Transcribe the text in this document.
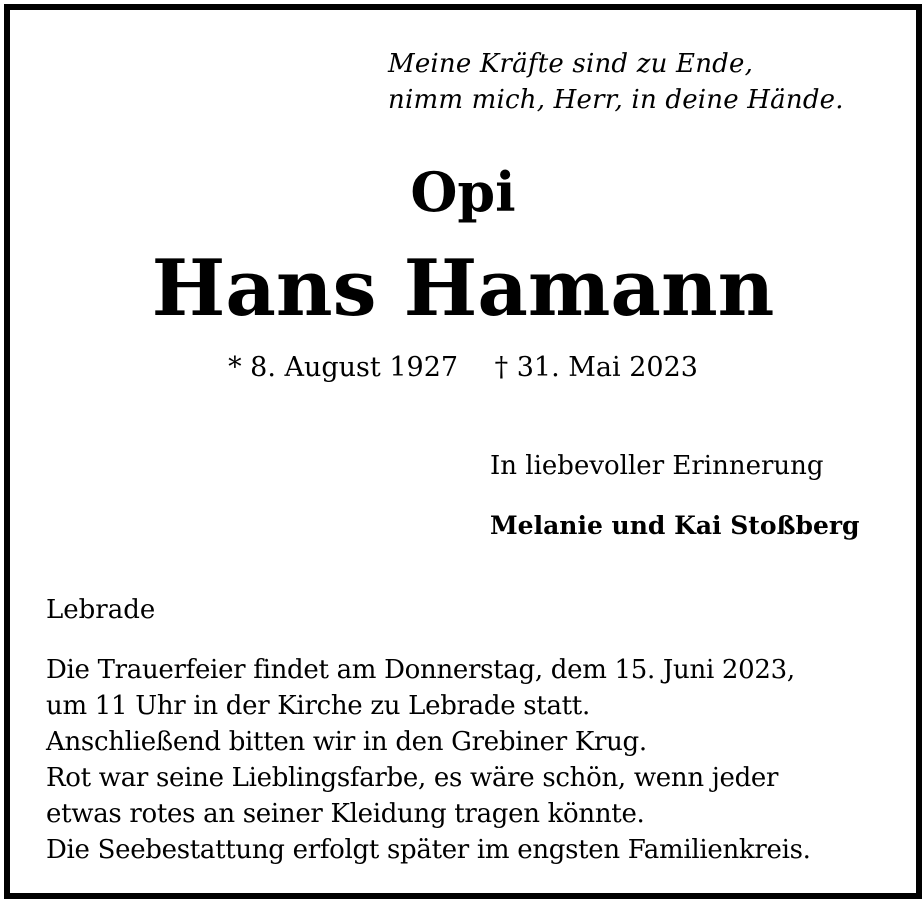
Meine Kräfte sind zu Ende,
nimm mich, Herr, in deine Hände.
Opi
Hans Hamann
* 8. August 1927 † 31. Mai 2023
In liebevoller Erinnerung
Melanie und Kai Stoßberg
Lebrade
Die Trauerfeier findet am Donnerstag, dem 15. Juni 2023,
um 11 Uhr in der Kirche zu Lebrade statt.
Anschließend bitten wir in den Grebiner Krug.
Rot war seine Lieblingsfarbe, es wäre schön, wenn jeder
etwas rotes an seiner Kleidung tragen könnte.
Die Seebestattung erfolgt später im engsten Familienkreis.
